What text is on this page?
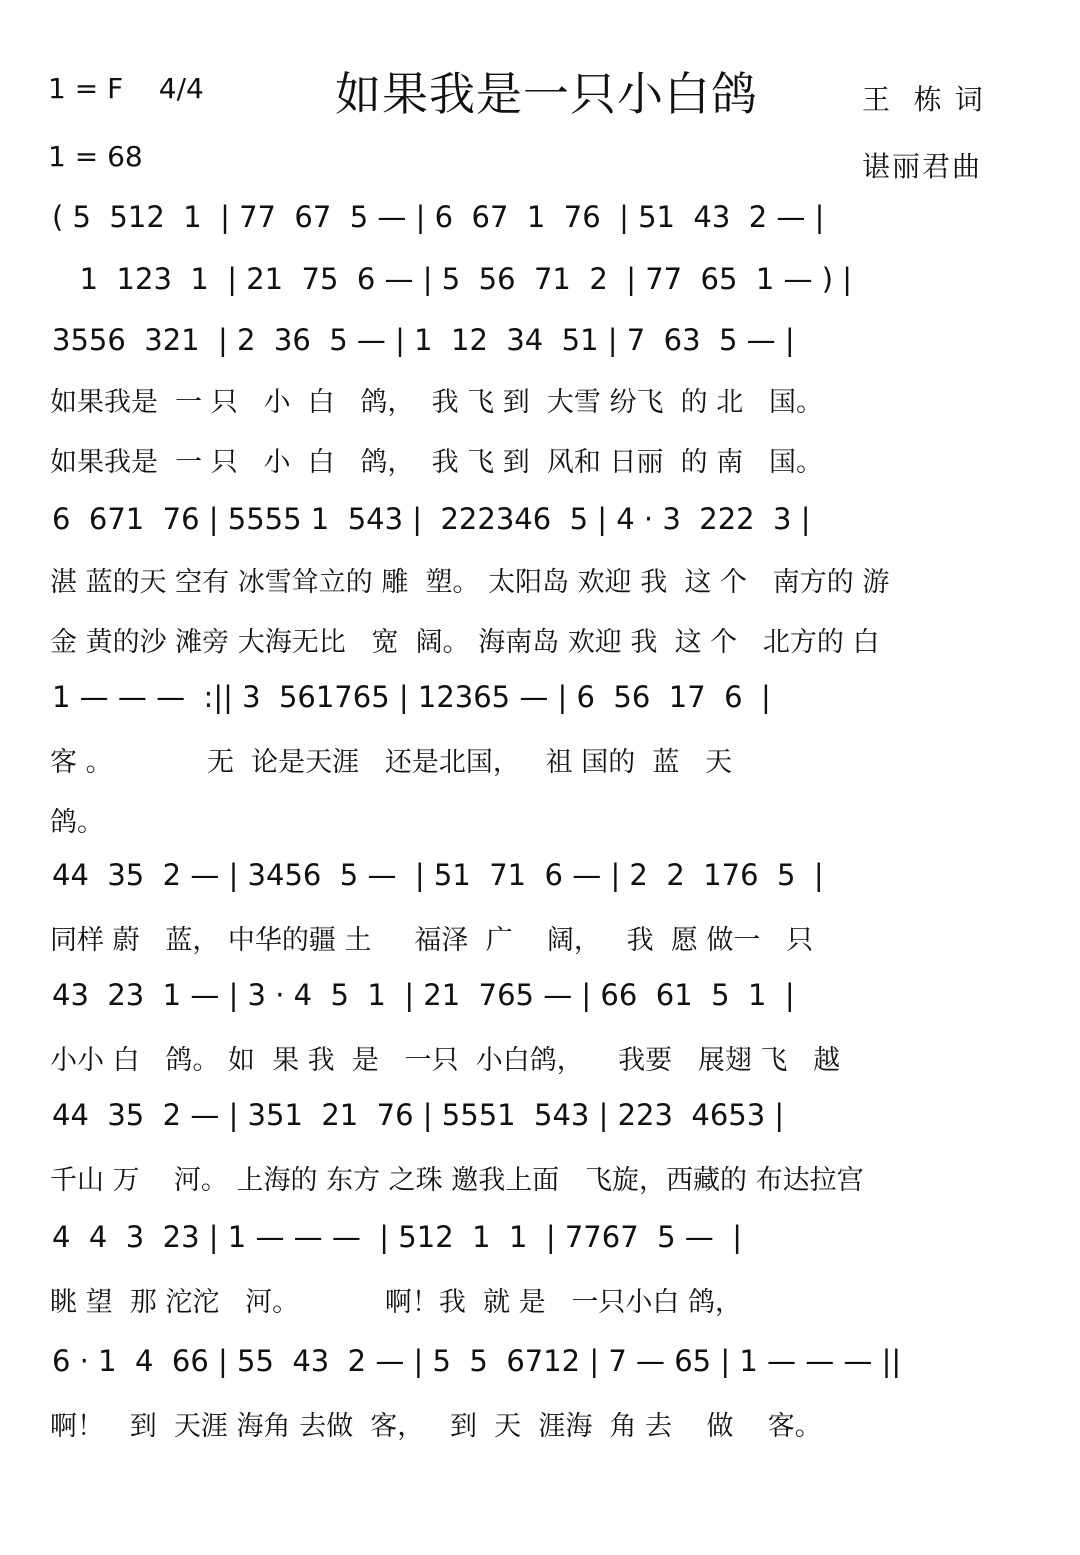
1 = F    4/4	如果我是一只小白鸽	王  栋 词
1 = 68	谌丽君曲
( 5  512  1  | 77  67  5 — | 6  67  1  76  | 51  43  2 — |
1  123  1  | 21  75  6 — | 5  56  71  2  | 77  65  1 — ) |
3556  321  | 2  36  5 — | 1  12  34  51 | 7  63  5 — |
如果我是  一 只   小  白   鸽，  我 飞 到  大雪 纷飞  的 北   国。
如果我是  一 只   小  白   鸽，  我 飞 到  风和 日丽  的 南   国。
6  671  76 | 5555 1  543 |  222346  5 | 4 · 3  222  3 |
湛 蓝的天 空有 冰雪耸立的 雕  塑。 太阳岛 欢迎 我  这 个   南方的 游
金 黄的沙 滩旁 大海无比   宽  阔。 海南岛 欢迎 我  这 个   北方的 白
1 — — —  :|| 3  561765 | 12365 — | 6  56  17  6  |
客 。           无  论是天涯   还是北国，   祖 国的  蓝   天
鸽。
44  35  2 — | 3456  5 —  | 51  71  6 — | 2  2  176  5  |
同样 蔚   蓝， 中华的疆 土     福泽  广    阔，   我  愿 做一   只
43  23  1 — | 3 · 4  5  1  | 21  765 — | 66  61  5  1  |
小小 白   鸽。 如  果 我  是   一只  小白鸽，    我要   展翅 飞   越
44  35  2 — | 351  21  76 | 5551  543 | 223  4653 |
千山 万    河。 上海的 东方 之珠 邀我上面   飞旋，西藏的 布达拉宫
4  4  3  23 | 1 — — —  | 512  1  1  | 7767  5 —  |
眺 望  那 沱沱   河。          啊！我  就 是   一只小白 鸽，
6 · 1  4  66 | 55  43  2 — | 5  5  6712 | 7 — 65 | 1 — — — ||
啊！   到  天涯 海角 去做  客，   到  天  涯海  角 去    做    客。
